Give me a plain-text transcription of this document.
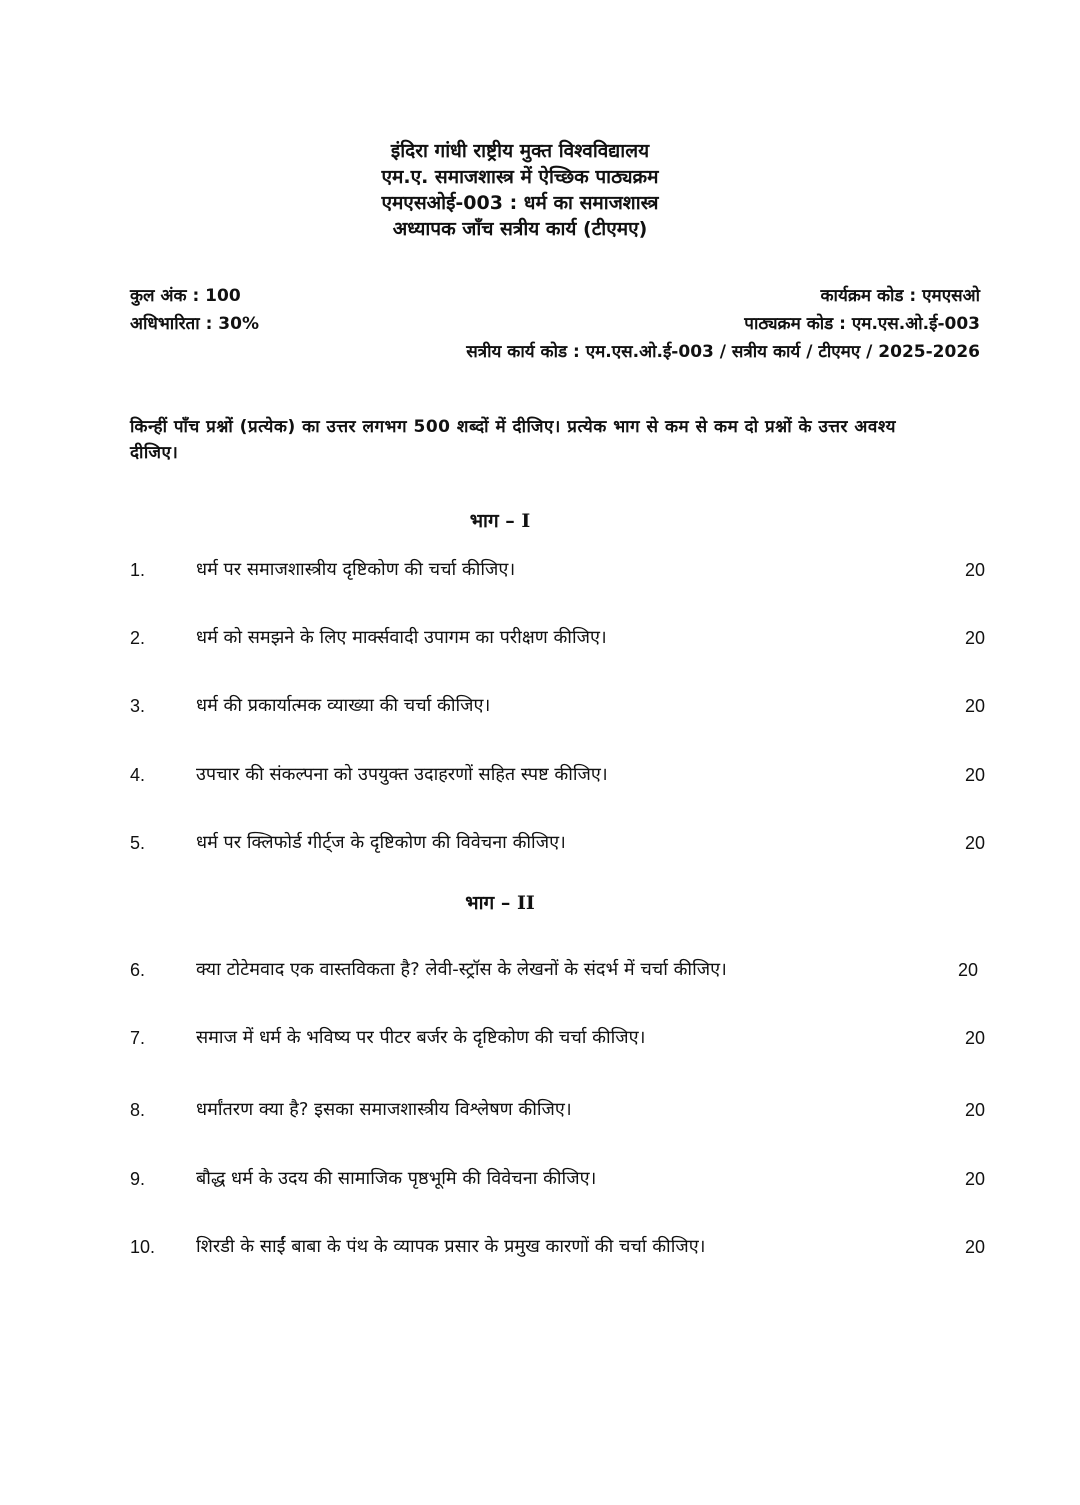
इंदिरा गांधी राष्ट्रीय मुक्त विश्वविद्यालय
एम.ए. समाजशास्त्र में ऐच्छिक पाठ्यक्रम
एमएसओई-003 : धर्म का समाजशास्त्र
अध्यापक जाँच सत्रीय कार्य (टीएमए)
कुल अंक : 100
अधिभारिता : 30%
कार्यक्रम कोड : एमएसओ
पाठ्यक्रम कोड : एम.एस.ओ.ई-003
सत्रीय कार्य कोड : एम.एस.ओ.ई-003 / सत्रीय कार्य / टीएमए / 2025-2026
किन्हीं पाँच प्रश्नों (प्रत्येक) का उत्तर लगभग 500 शब्दों में दीजिए। प्रत्येक भाग से कम से कम दो प्रश्नों के उत्तर अवश्य दीजिए।
भाग – I
1.	धर्म पर समाजशास्त्रीय दृष्टिकोण की चर्चा कीजिए।	20
2.	धर्म को समझने के लिए मार्क्सवादी उपागम का परीक्षण कीजिए।	20
3.	धर्म की प्रकार्यात्मक व्याख्या की चर्चा कीजिए।	20
4.	उपचार की संकल्पना को उपयुक्त उदाहरणों सहित स्पष्ट कीजिए।	20
5.	धर्म पर क्लिफोर्ड गीर्ट्ज के दृष्टिकोण की विवेचना कीजिए।	20
भाग – II
6.	क्या टोटेमवाद एक वास्तविकता है? लेवी-स्ट्रॉस के लेखनों के संदर्भ में चर्चा कीजिए।	20
7.	समाज में धर्म के भविष्य पर पीटर बर्जर के दृष्टिकोण की चर्चा कीजिए।	20
8.	धर्मांतरण क्या है? इसका समाजशास्त्रीय विश्लेषण कीजिए।	20
9.	बौद्ध धर्म के उदय की सामाजिक पृष्ठभूमि की विवेचना कीजिए।	20
10. शिरडी के साईं बाबा के पंथ के व्यापक प्रसार के प्रमुख कारणों की चर्चा कीजिए।	20
